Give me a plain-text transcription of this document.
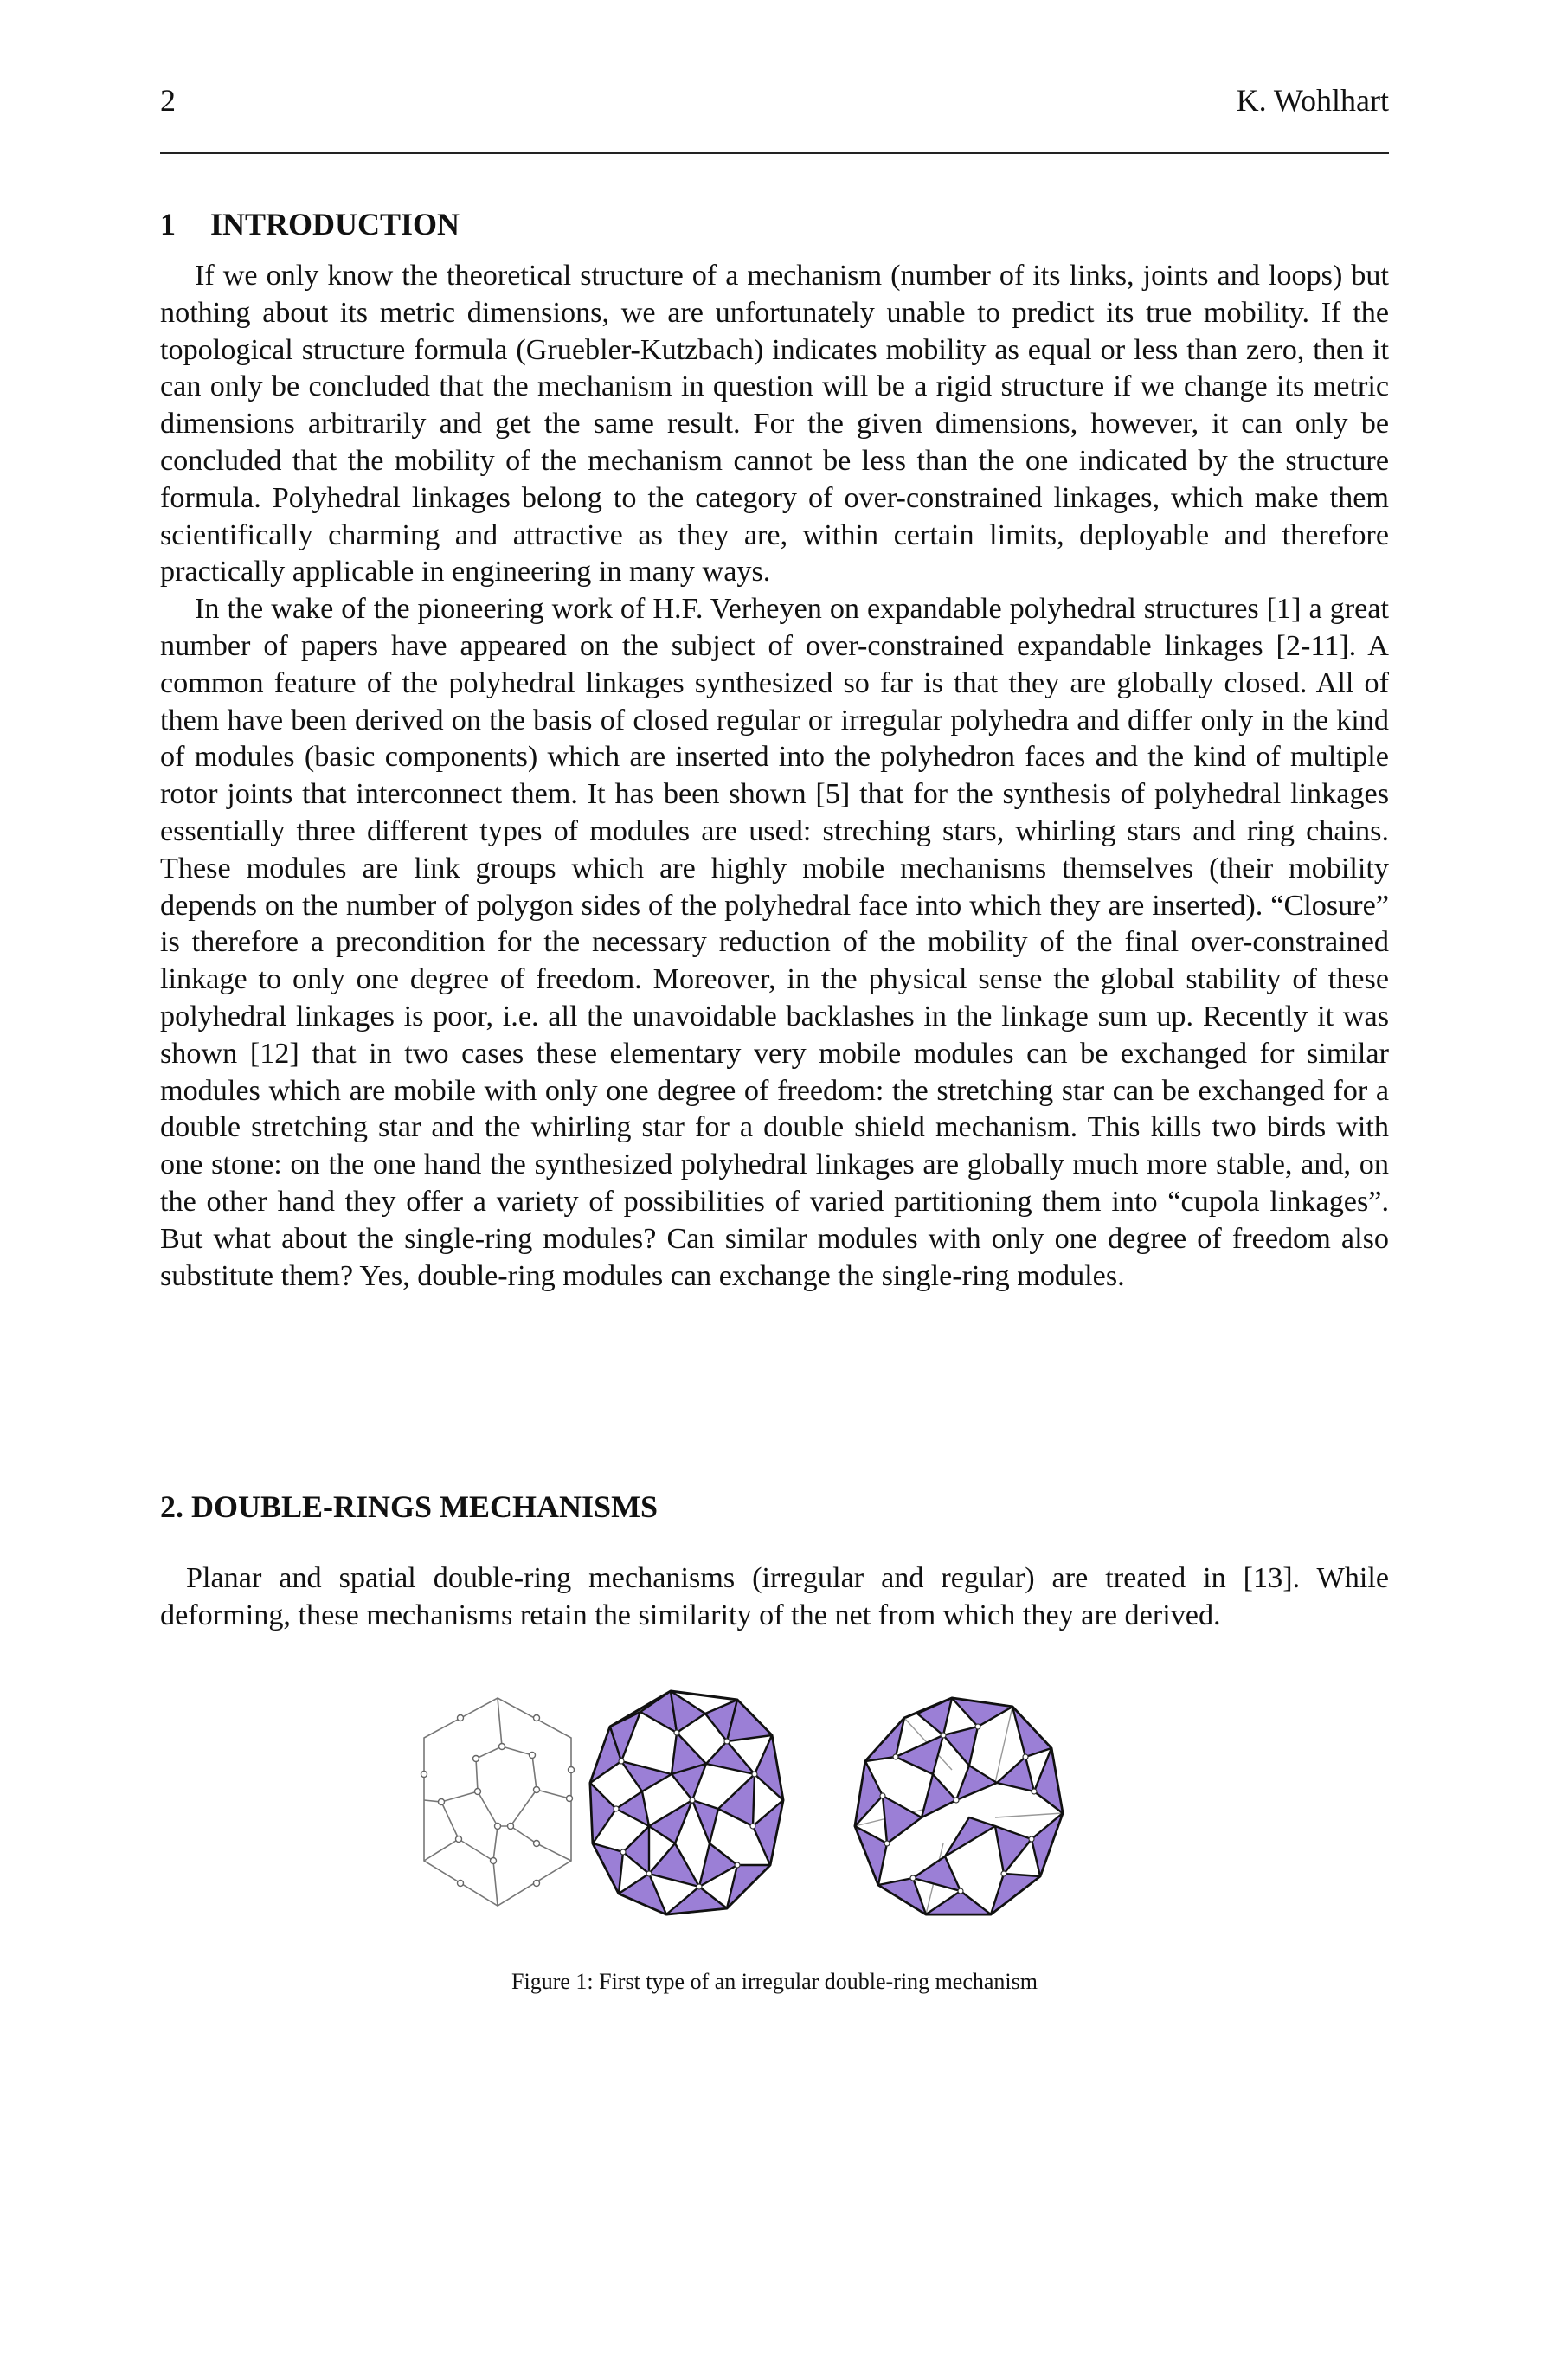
2	K. Wohlhart
1 INTRODUCTION

If we only know the theoretical structure of a mechanism (number of its links, joints and loops) but nothing about its metric dimensions, we are unfortunately unable to predict its true mobility. If the topological structure formula (Gruebler-Kutzbach) indicates mobility as equal or less than zero, then it can only be concluded that the mechanism in question will be a rigid structure if we change its metric dimensions arbitrarily and get the same result. For the given dimensions, however, it can only be concluded that the mobility of the mechanism cannot be less than the one indicated by the structure formula. Polyhedral linkages belong to the category of over-constrained linkages, which make them scientifically charming and attractive as they are, within certain limits, deployable and therefore practically applicable in engineering in many ways.

In the wake of the pioneering work of H.F. Verheyen on expandable polyhedral structures [1] a great number of papers have appeared on the subject of over-constrained expandable linkages [2-11]. A common feature of the polyhedral linkages synthesized so far is that they are globally closed. All of them have been derived on the basis of closed regular or irregular polyhedra and differ only in the kind of modules (basic components) which are inserted into the polyhedron faces and the kind of multiple rotor joints that interconnect them. It has been shown [5] that for the synthesis of polyhedral linkages essentially three different types of modules are used: streching stars, whirling stars and ring chains. These modules are link groups which are highly mobile mechanisms themselves (their mobility depends on the number of polygon sides of the polyhedral face into which they are inserted). “Closure” is therefore a precondition for the necessary reduction of the mobility of the final over-constrained linkage to only one degree of freedom. Moreover, in the physical sense the global stability of these polyhedral linkages is poor, i.e. all the unavoidable backlashes in the linkage sum up. Recently it was shown [12] that in two cases these elementary very mobile modules can be exchanged for similar modules which are mobile with only one degree of freedom: the stretching star can be exchanged for a double stretching star and the whirling star for a double shield mechanism. This kills two birds with one stone: on the one hand the synthesized polyhedral linkages are globally much more stable, and, on the other hand they offer a variety of possibilities of varied partitioning them into “cupola linkages”. But what about the single-ring modules? Can similar modules with only one degree of freedom also substitute them? Yes, double-ring modules can exchange the single-ring modules.

2. DOUBLE-RINGS MECHANISMS

Planar and spatial double-ring mechanisms (irregular and regular) are treated in [13]. While deforming, these mechanisms retain the similarity of the net from which they are derived.

Figure 1: First type of an irregular double-ring mechanism
